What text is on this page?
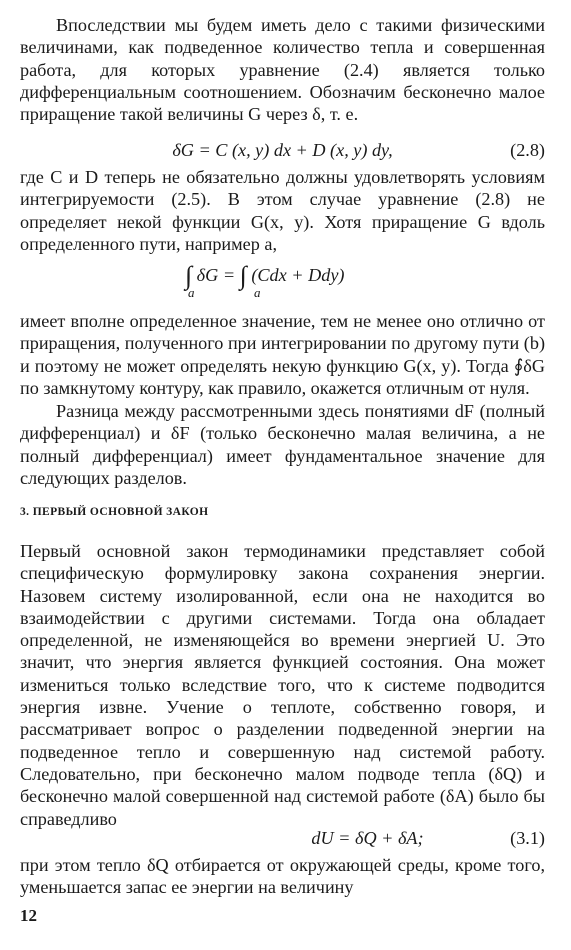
Впоследствии мы будем иметь дело с такими физическими величинами, как подведенное количество тепла и совершенная работа, для которых уравнение (2.4) является только дифференциальным соотношением. Обозначим бесконечно малое приращение такой величины G через δ, т. е.

δG = C (x, y) dx + D (x, y) dy,	(2.8)

где C и D теперь не обязательно должны удовлетворять условиям интегрируемости (2.5). В этом случае уравнение (2.8) не определяет некой функции G(x, y). Хотя приращение G вдоль определенного пути, например a,

∫ δG = ∫ (Cdx + Ddy)
a	a

имеет вполне определенное значение, тем не менее оно отлично от приращения, полученного при интегрировании по другому пути (b) и поэтому не может определять некую функцию G(x, y). Тогда ∮δG по замкнутому контуру, как правило, окажется отличным от нуля.

Разница между рассмотренными здесь понятиями dF (полный дифференциал) и δF (только бесконечно малая величина, а не полный дифференциал) имеет фундаментальное значение для следующих разделов.

3. ПЕРВЫЙ ОСНОВНОЙ ЗАКОН

Первый основной закон термодинамики представляет собой специфическую формулировку закона сохранения энергии. Назовем систему изолированной, если она не находится во взаимодействии с другими системами. Тогда она обладает определенной, не изменяющейся во времени энергией U. Это значит, что энергия является функцией состояния. Она может измениться только вследствие того, что к системе подводится энергия извне. Учение о теплоте, собственно говоря, и рассматривает вопрос о разделении подведенной энергии на подведенное тепло и совершенную над системой работу. Следовательно, при бесконечно малом подводе тепла (δQ) и бесконечно малой совершенной над системой работе (δA) было бы справедливо

dU = δQ + δA;	(3.1)

при этом тепло δQ отбирается от окружающей среды, кроме того, уменьшается запас ее энергии на величину

12
